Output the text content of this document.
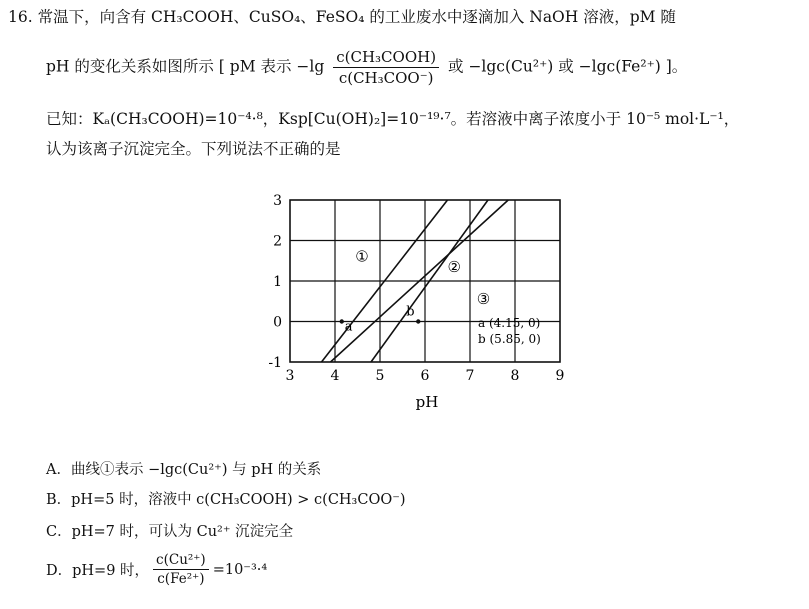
16. 常温下，向含有 CH₃COOH、CuSO₄、FeSO₄ 的工业废水中逐滴加入 NaOH 溶液，pM 随
pH 的变化关系如图所示 [ pM 表示 $-\lg \frac{\text{c(CH₃COOH)}}{\text{c(CH₃COO⁻)}}$ 或 −lgc(Cu²⁺) 或 −lgc(Fe²⁺) ]。
已知：Kₐ(CH₃COOH)=10⁻⁴·⁸，Ksp[Cu(OH)₂]=10⁻¹⁹·⁷。若溶液中离子浓度小于 10⁻⁵ mol·L⁻¹，
认为该离子沉淀完全。下列说法不正确的是
3	4	5	6	7	8	9
-1
0
1
2
3
a
b
①
②
③
a (4.15, 0)
b (5.85, 0)
pH
A．曲线①表示 −lgc(Cu²⁺) 与 pH 的关系
B．pH=5 时，溶液中 c(CH₃COOH) > c(CH₃COO⁻)
C．pH=7 时，可认为 Cu²⁺ 沉淀完全
D．pH=9 时， $\frac{\text{c(Cu²⁺)}}{\text{c(Fe²⁺)}} =10^{-3}\cdot^4$
